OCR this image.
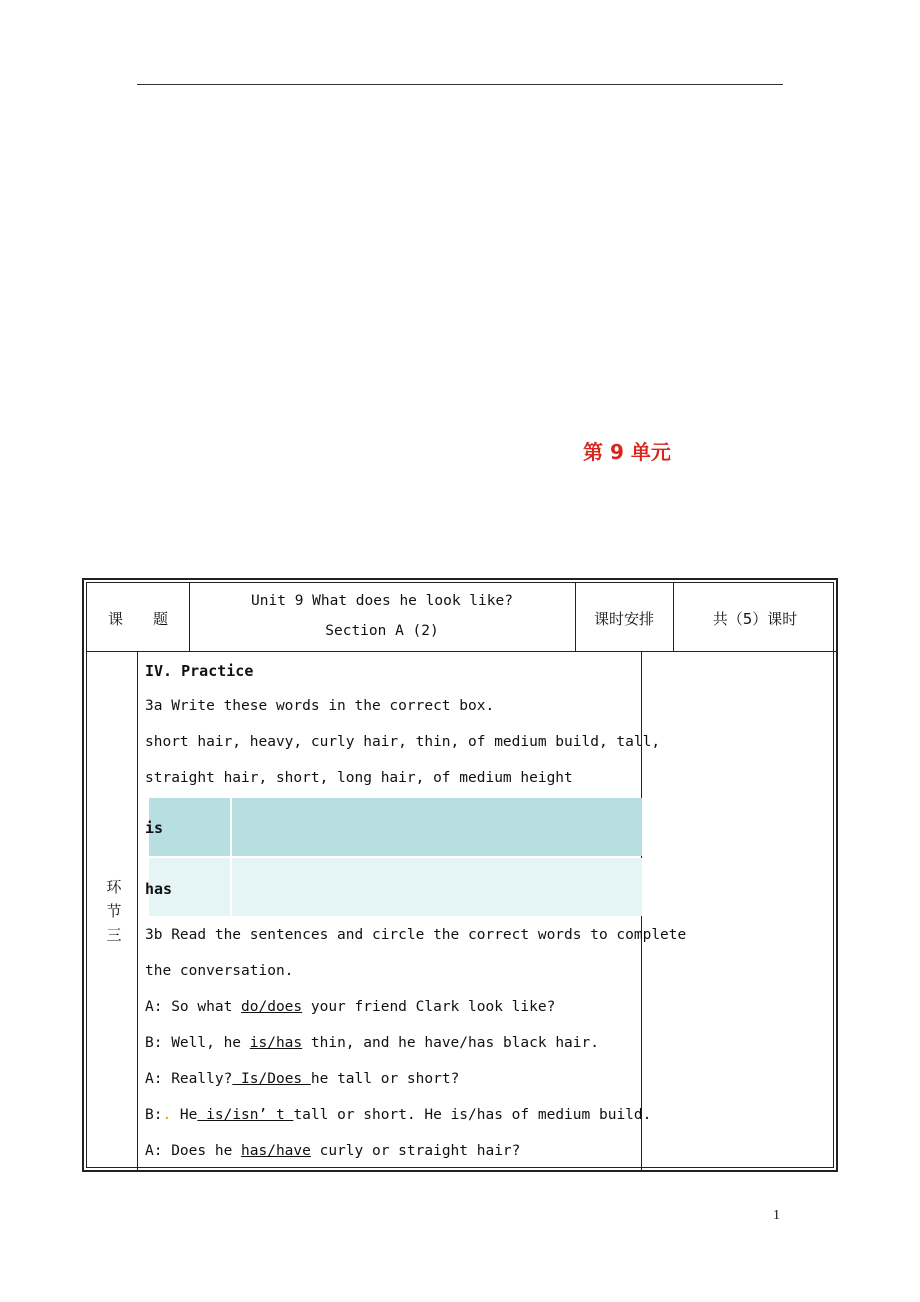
第 9 单元
课　　题
Unit 9 What does he look like?
Section A (2)
课时安排	共（5）课时
环节三
IV. Practice
3a Write these words in the correct box.
short hair, heavy, curly hair, thin, of medium build, tall,
straight hair, short, long hair, of medium height
is
has
3b Read the sentences and circle the correct words to complete
the conversation.
A: So what do/does your friend Clark look like?
B: Well, he is/has thin, and he have/has black hair.
A: Really? Is/Does he tall or short?
B:. He is/isn’ t tall or short. He is/has of medium build.
A: Does he has/have curly or straight hair?
1
